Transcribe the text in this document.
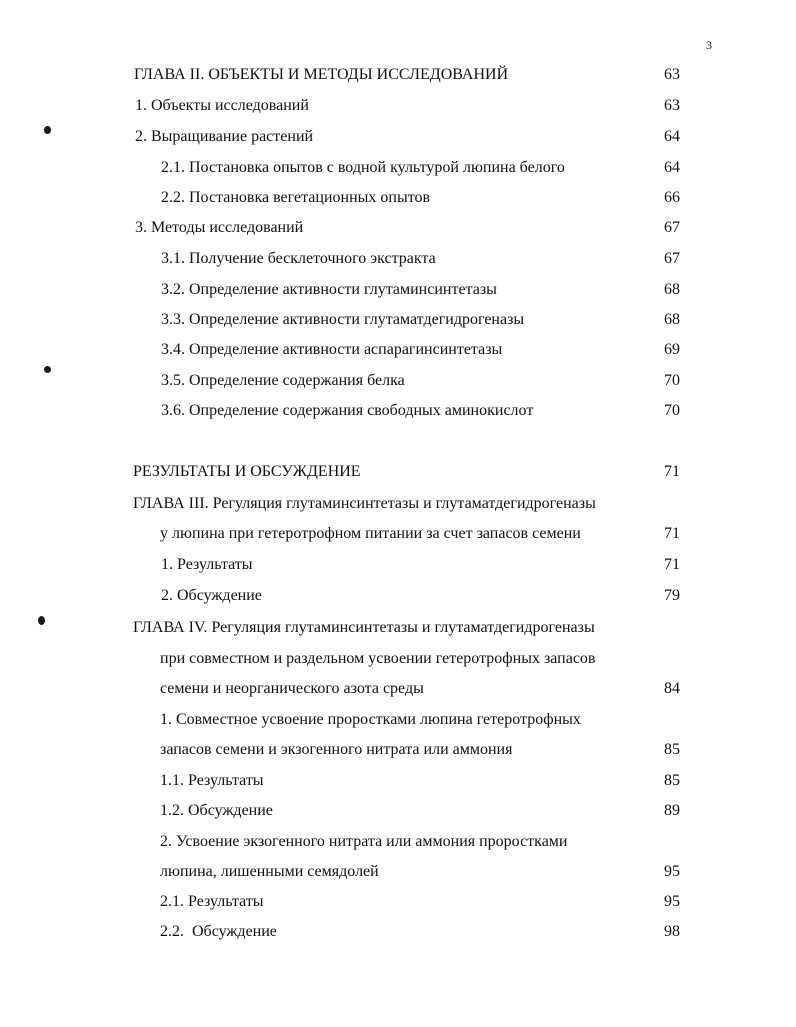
3
ГЛАВА II. ОБЪЕКТЫ И МЕТОДЫ ИССЛЕДОВАНИЙ	63
1. Объекты исследований	63
2. Выращивание растений	64
2.1. Постановка опытов с водной культурой люпина белого	64
2.2. Постановка вегетационных опытов	66
3. Методы исследований	67
3.1. Получение бесклеточного экстракта	67
3.2. Определение активности глутаминсинтетазы	68
3.3. Определение активности глутаматдегидрогеназы	68
3.4. Определение активности аспарагинсинтетазы	69
3.5. Определение содержания белка	70
3.6. Определение содержания свободных аминокислот	70
РЕЗУЛЬТАТЫ И ОБСУЖДЕНИЕ	71
ГЛАВА III. Регуляция глутаминсинтетазы и глутаматдегидрогеназы
у люпина при гетеротрофном питании за счет запасов семени	71
1. Результаты	71
2. Обсуждение	79
ГЛАВА IV. Регуляция глутаминсинтетазы и глутаматдегидрогеназы
при совместном и раздельном усвоении гетеротрофных запасов
семени и неорганического азота среды	84
1. Совместное усвоение проростками люпина гетеротрофных
запасов семени и экзогенного нитрата или аммония	85
1.1. Результаты	85
1.2. Обсуждение	89
2. Усвоение экзогенного нитрата или аммония проростками
люпина, лишенными семядолей	95
2.1. Результаты	95
2.2.  Обсуждение	98
